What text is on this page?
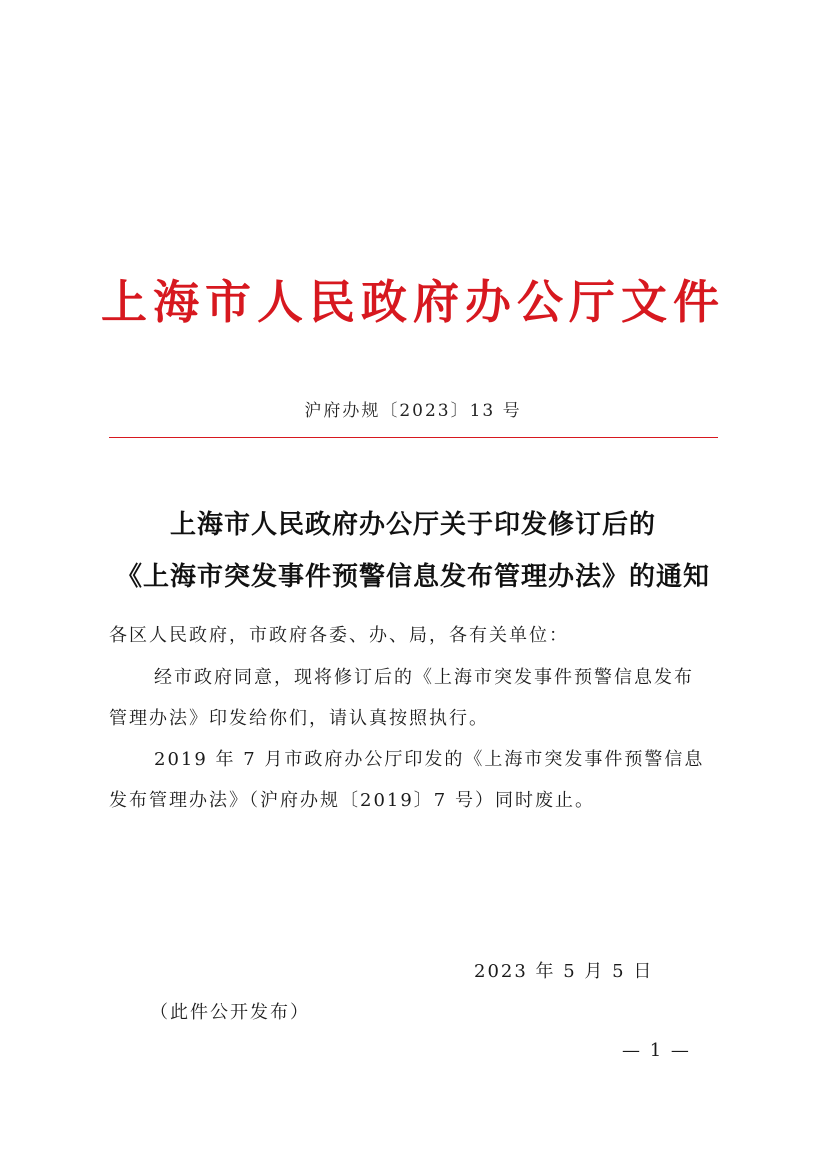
上海市人民政府办公厅文件
沪府办规〔2023〕13 号
上海市人民政府办公厅关于印发修订后的
《上海市突发事件预警信息发布管理办法》的通知
各区人民政府，市政府各委、办、局，各有关单位：
经市政府同意，现将修订后的《上海市突发事件预警信息发布
管理办法》印发给你们，请认真按照执行。
2019 年 7 月市政府办公厅印发的《上海市突发事件预警信息
发布管理办法》（沪府办规〔2019〕7 号）同时废止。
2023 年 5 月 5 日
（此件公开发布）
— 1 —
